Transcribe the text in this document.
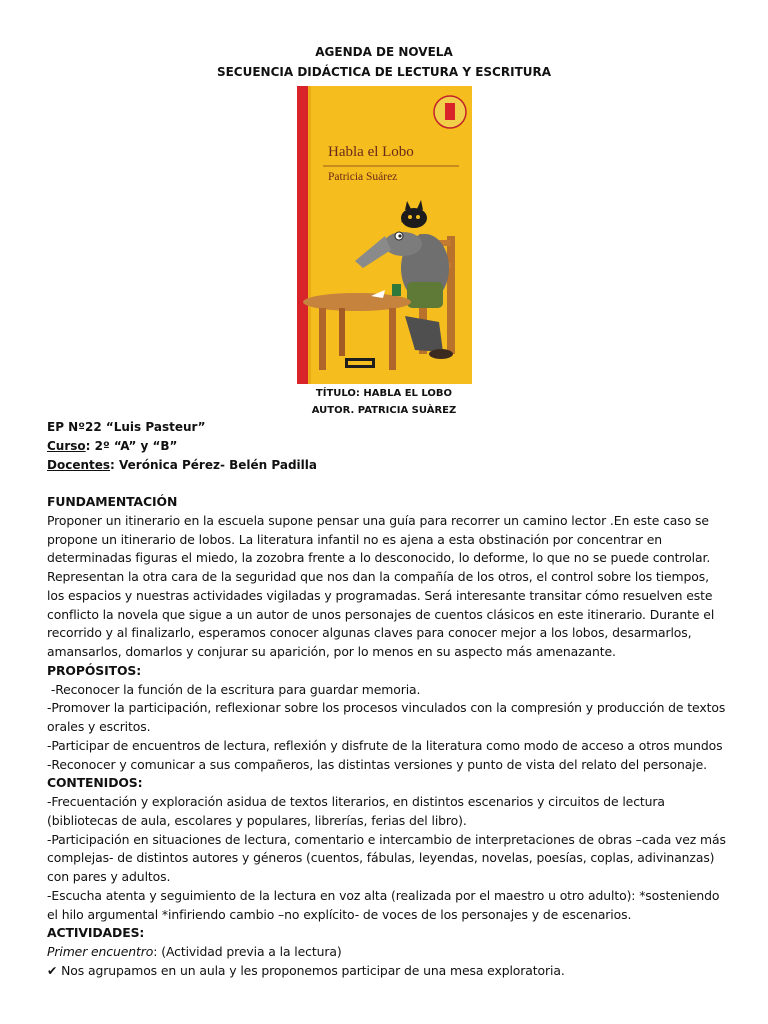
AGENDA DE NOVELA
SECUENCIA DIDÁCTICA DE LECTURA Y ESCRITURA
Habla el Lobo
Patricia Suárez
TÍTULO: HABLA EL LOBO
AUTOR. PATRICIA SUÀREZ
EP Nº22 “Luis Pasteur”
Curso: 2º “A” y “B”
Docentes: Verónica Pérez- Belén Padilla

FUNDAMENTACIÓN

Proponer un itinerario en la escuela supone pensar una guía para recorrer un camino lector .En este caso se propone un itinerario de lobos. La literatura infantil no es ajena a esta obstinación por concentrar en determinadas figuras el miedo, la zozobra frente a lo desconocido, lo deforme, lo que no se puede controlar. Representan la otra cara de la seguridad que nos dan la compañía de los otros, el control sobre los tiempos, los espacios y nuestras actividades vigiladas y programadas. Será interesante transitar cómo resuelven este conflicto la novela que sigue a un autor de unos personajes de cuentos clásicos en este itinerario. Durante el recorrido y al finalizarlo, esperamos conocer algunas claves para conocer mejor a los lobos, desarmarlos, amansarlos, domarlos y conjurar su aparición, por lo menos en su aspecto más amenazante.

PROPÓSITOS:

-Reconocer la función de la escritura para guardar memoria.

-Promover la participación, reflexionar sobre los procesos vinculados con la compresión y producción de textos orales y escritos.

-Participar de encuentros de lectura, reflexión y disfrute de la literatura como modo de acceso a otros mundos

-Reconocer y comunicar a sus compañeros, las distintas versiones y punto de vista del relato del personaje.

CONTENIDOS:

-Frecuentación y exploración asidua de textos literarios, en distintos escenarios y circuitos de lectura (bibliotecas de aula, escolares y populares, librerías, ferias del libro).

-Participación en situaciones de lectura, comentario e intercambio de interpretaciones de obras –cada vez más complejas- de distintos autores y géneros (cuentos, fábulas, leyendas, novelas, poesías, coplas, adivinanzas) con pares y adultos.

-Escucha atenta y seguimiento de la lectura en voz alta (realizada por el maestro u otro adulto): *sosteniendo el hilo argumental *infiriendo cambio –no explícito- de voces de los personajes y de escenarios.

ACTIVIDADES:

Primer encuentro: (Actividad previa a la lectura)

✔ Nos agrupamos en un aula y les proponemos participar de una mesa exploratoria.
